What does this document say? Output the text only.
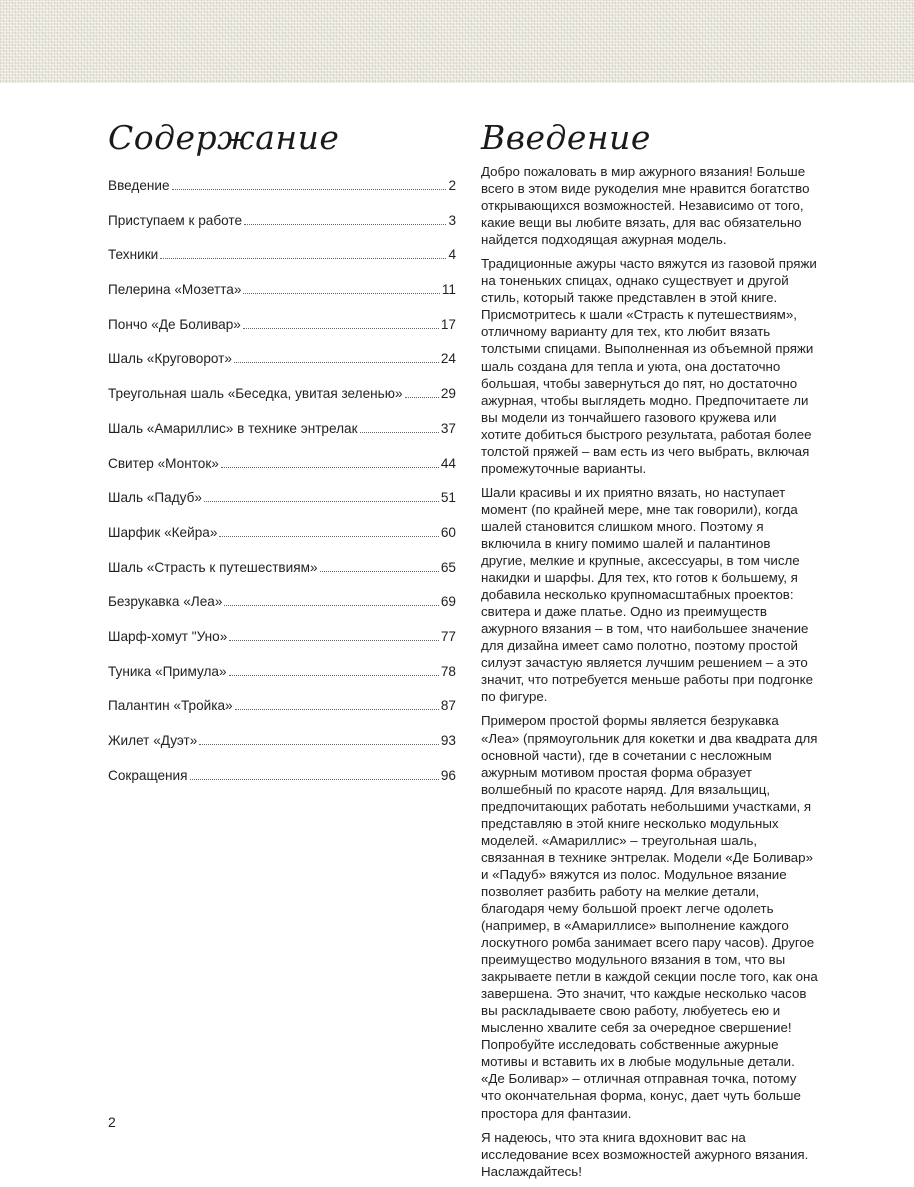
Содержание	Введение
Введение	2
Приступаем к работе	3
Техники	4
Пелерина «Мозетта»	11
Пончо «Де Боливар»	17
Шаль «Круговорот»	24
Треугольная шаль «Беседка, увитая зеленью»	29
Шаль «Амариллис» в технике энтрелак	37
Свитер «Монток»	44
Шаль «Падуб»	51
Шарфик «Кейра»	60
Шаль «Страсть к путешествиям»	65
Безрукавка «Леа»	69
Шарф-хомут "Уно»	77
Туника «Примула»	78
Палантин «Тройка»	87
Жилет «Дуэт»	93
Сокращения	96

Добро пожаловать в мир ажурного вязания! Больше всего в этом виде рукоделия мне нравится богатство открывающихся возможностей. Независимо от того, какие вещи вы любите вязать, для вас обязательно найдется подходящая ажурная модель.

Традиционные ажуры часто вяжутся из газовой пряжи на тоненьких спицах, однако существует и другой стиль, который также представлен в этой книге. Присмотритесь к шали «Страсть к путешествиям», отличному варианту для тех, кто любит вязать толстыми спицами. Выполненная из объемной пряжи шаль создана для тепла и уюта, она достаточно большая, чтобы завернуться до пят, но достаточно ажурная, чтобы выглядеть модно. Предпочитаете ли вы модели из тончайшего газового кружева или хотите добиться быстрого результата, работая более толстой пряжей – вам есть из чего выбрать, включая промежуточные варианты.

Шали красивы и их приятно вязать, но наступает момент (по крайней мере, мне так говорили), когда шалей становится слишком много. Поэтому я включила в книгу помимо шалей и палантинов другие, мелкие и крупные, аксессуары, в том числе накидки и шарфы. Для тех, кто готов к большему, я добавила несколько крупномасштабных проектов: свитера и даже платье. Одно из преимуществ ажурного вязания – в том, что наибольшее значение для дизайна имеет само полотно, поэтому простой силуэт зачастую является лучшим решением – а это значит, что потребуется меньше работы при подгонке по фигуре.

Примером простой формы является безрукавка «Леа» (прямоугольник для кокетки и два квадрата для основной части), где в сочетании с несложным ажурным мотивом простая форма образует волшебный по красоте наряд. Для вязальщиц, предпочитающих работать небольшими участками, я представляю в этой книге несколько модульных моделей. «Амариллис» – треугольная шаль, связанная в технике энтрелак. Модели «Де Боливар» и «Падуб» вяжутся из полос. Модульное вязание позволяет разбить работу на мелкие детали, благодаря чему большой проект легче одолеть (например, в «Амариллисе» выполнение каждого лоскутного ромба занимает всего пару часов). Другое преимущество модульного вязания в том, что вы закрываете петли в каждой секции после того, как она завершена. Это значит, что каждые несколько часов вы раскладываете свою работу, любуетесь ею и мысленно хвалите себя за очередное свершение! Попробуйте исследовать собственные ажурные мотивы и вставить их в любые модульные детали. «Де Боливар» – отличная отправная точка, потому что окончательная форма, конус, дает чуть больше простора для фантазии.

Я надеюсь, что эта книга вдохновит вас на исследование всех возможностей ажурного вязания. Наслаждайтесь!

2
